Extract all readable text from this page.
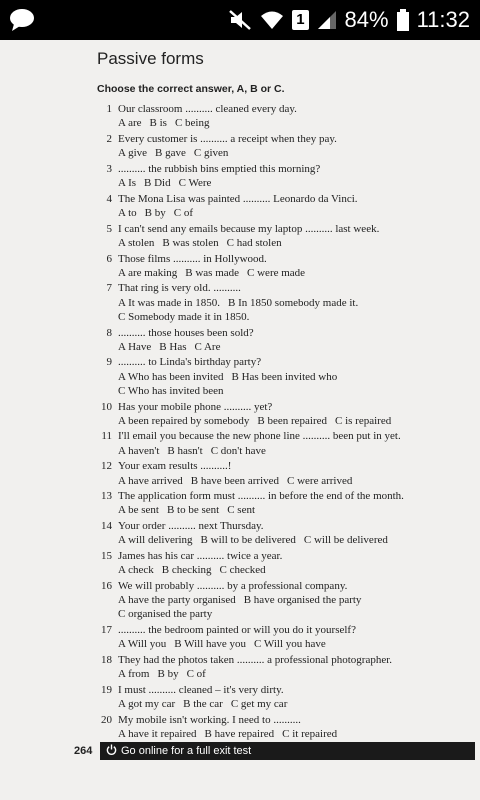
1 84% 11:32
Passive forms
Choose the correct answer, A, B or C.
1 Our classroom .......... cleaned every day.
A are B is C being
2 Every customer is .......... a receipt when they pay.
A give B gave C given
3 .......... the rubbish bins emptied this morning?
A Is B Did C Were
4 The Mona Lisa was painted .......... Leonardo da Vinci.
A to B by C of
5 I can't send any emails because my laptop .......... last week.
A stolen B was stolen C had stolen
6 Those films .......... in Hollywood.
A are making B was made C were made
7 That ring is very old. ..........
A It was made in 1850. B In 1850 somebody made it.
C Somebody made it in 1850.
8 .......... those houses been sold?
A Have B Has C Are
9 .......... to Linda's birthday party?
A Who has been invited B Has been invited who
C Who has invited been
10 Has your mobile phone .......... yet?
A been repaired by somebody B been repaired C is repaired
11 I'll email you because the new phone line .......... been put in yet.
A haven't B hasn't C don't have
12 Your exam results ..........!
A have arrived B have been arrived C were arrived
13 The application form must .......... in before the end of the month.
A be sent B to be sent C sent
14 Your order .......... next Thursday.
A will delivering B will to be delivered C will be delivered
15 James has his car .......... twice a year.
A check B checking C checked
16 We will probably .......... by a professional company.
A have the party organised B have organised the party
C organised the party
17 .......... the bedroom painted or will you do it yourself?
A Will you B Will have you C Will you have
18 They had the photos taken .......... a professional photographer.
A from B by C of
19 I must .......... cleaned – it's very dirty.
A got my car B the car C get my car
20 My mobile isn't working. I need to ..........
A have it repaired B have repaired C it repaired
264	Go online for a full exit test
